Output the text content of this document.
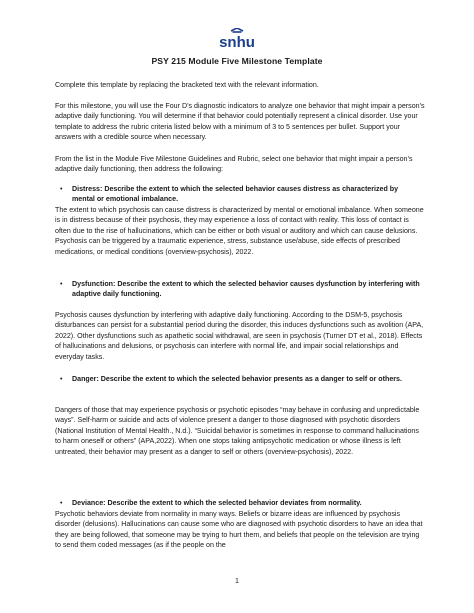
snhu
PSY 215 Module Five Milestone Template

Complete this template by replacing the bracketed text with the relevant information.

For this milestone, you will use the Four D’s diagnostic indicators to analyze one behavior that might impair a person’s adaptive daily functioning. You will determine if that behavior could potentially represent a clinical disorder. Use your template to address the rubric criteria listed below with a minimum of 3 to 5 sentences per bullet. Support your answers with a credible source when necessary.

From the list in the Module Five Milestone Guidelines and Rubric, select one behavior that might impair a person’s adaptive daily functioning, then address the following:

• Distress: Describe the extent to which the selected behavior causes distress as characterized by mental or emotional imbalance.

The extent to which psychosis can cause distress is characterized by mental or emotional imbalance. When someone is in distress because of their psychosis, they may experience a loss of contact with reality. This loss of contact is often due to the rise of hallucinations, which can be either or both visual or auditory and which can cause delusions. Psychosis can be triggered by a traumatic experience, stress, substance use/abuse, side effects of prescribed medications, or medical conditions (overview-psychosis), 2022.

• Dysfunction: Describe the extent to which the selected behavior causes dysfunction by interfering with adaptive daily functioning.

Psychosis causes dysfunction by interfering with adaptive daily functioning. According to the DSM-5, psychosis disturbances can persist for a substantial period during the disorder, this induces dysfunctions such as avolition (APA, 2022). Other dysfunctions such as apathetic social withdrawal, are seen in psychosis (Turner DT et al., 2018). Effects of hallucinations and delusions, or psychosis can interfere with normal life, and impair social relationships and everyday tasks.

• Danger: Describe the extent to which the selected behavior presents as a danger to self or others.

Dangers of those that may experience psychosis or psychotic episodes “may behave in confusing and unpredictable ways”. Self-harm or suicide and acts of violence present a danger to those diagnosed with psychotic disorders (National Institution of Mental Health., N.d.). “Suicidal behavior is sometimes in response to command hallucinations to harm oneself or others” (APA,2022). When one stops taking antipsychotic medication or whose illness is left untreated, their behavior may present as a danger to self or others (overview-psychosis), 2022.

• Deviance: Describe the extent to which the selected behavior deviates from normality.

Psychotic behaviors deviate from normality in many ways. Beliefs or bizarre ideas are influenced by psychosis disorder (delusions). Hallucinations can cause some who are diagnosed with psychotic disorders to have an idea that they are being followed, that someone may be trying to hurt them, and beliefs that people on the television are trying to send them coded messages (as if the people on the

1
